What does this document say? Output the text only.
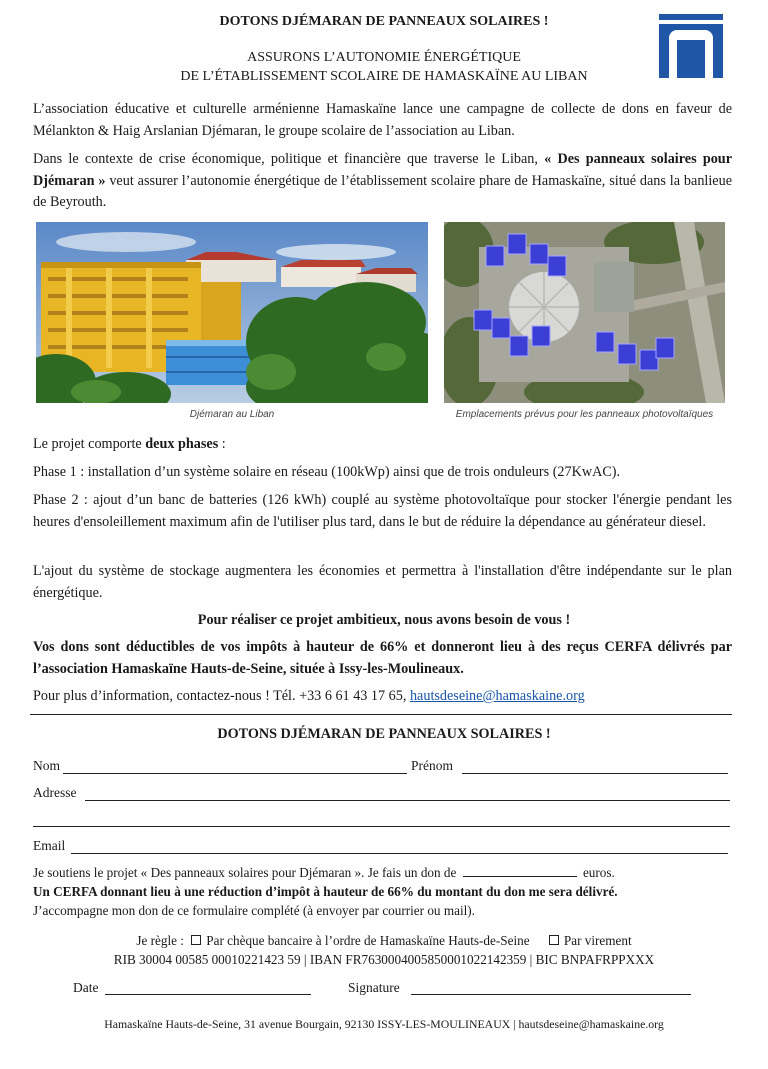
DOTONS DJÉMARAN DE PANNEAUX SOLAIRES !
ASSURONS L’AUTONOMIE ÉNERGÉTIQUE
DE L’ÉTABLISSEMENT SCOLAIRE DE HAMASKAÏNE AU LIBAN
L’association éducative et culturelle arménienne Hamaskaïne lance une campagne de collecte de dons en faveur de Mélankton & Haig Arslanian Djémaran, le groupe scolaire de l’association au Liban.
Dans le contexte de crise économique, politique et financière que traverse le Liban, « Des panneaux solaires pour Djémaran » veut assurer l’autonomie énergétique de l’établissement scolaire phare de Hamaskaïne, situé dans la banlieue de Beyrouth.
Djémaran au Liban	Emplacements prévus pour les panneaux photovoltaïques
Le projet comporte deux phases :
Phase 1 : installation d’un système solaire en réseau (100kWp) ainsi que de trois onduleurs (27KwAC).
Phase 2 : ajout d’un banc de batteries (126 kWh) couplé au système photovoltaïque pour stocker l'énergie pendant les heures d'ensoleillement maximum afin de l'utiliser plus tard, dans le but de réduire la dépendance au générateur diesel.
L'ajout du système de stockage augmentera les économies et permettra à l'installation d'être indépendante sur le plan énergétique.
Pour réaliser ce projet ambitieux, nous avons besoin de vous !
Vos dons sont déductibles de vos impôts à hauteur de 66% et donneront lieu à des reçus CERFA délivrés par l’association Hamaskaïne Hauts-de-Seine, située à Issy-les-Moulineaux.
Pour plus d’information, contactez-nous ! Tél. +33 6 61 43 17 65, hautsdeseine@hamaskaine.org
DOTONS DJÉMARAN DE PANNEAUX SOLAIRES !
Nom	Prénom
Adresse
Email
Je soutiens le projet « Des panneaux solaires pour Djémaran ». Je fais un don de	euros.
Un CERFA donnant lieu à une réduction d’impôt à hauteur de 66% du montant du don me sera délivré.
J’accompagne mon don de ce formulaire complété (à envoyer par courrier ou mail).
Je règle : Par chèque bancaire à l’ordre de Hamaskaïne Hauts-de-Seine	Par virement
RIB 30004 00585 00010221423 59 | IBAN FR7630004005850001022142359 | BIC BNPAFRPPXXX
Date	Signature
Hamaskaïne Hauts-de-Seine, 31 avenue Bourgain, 92130 ISSY-LES-MOULINEAUX | hautsdeseine@hamaskaine.org
